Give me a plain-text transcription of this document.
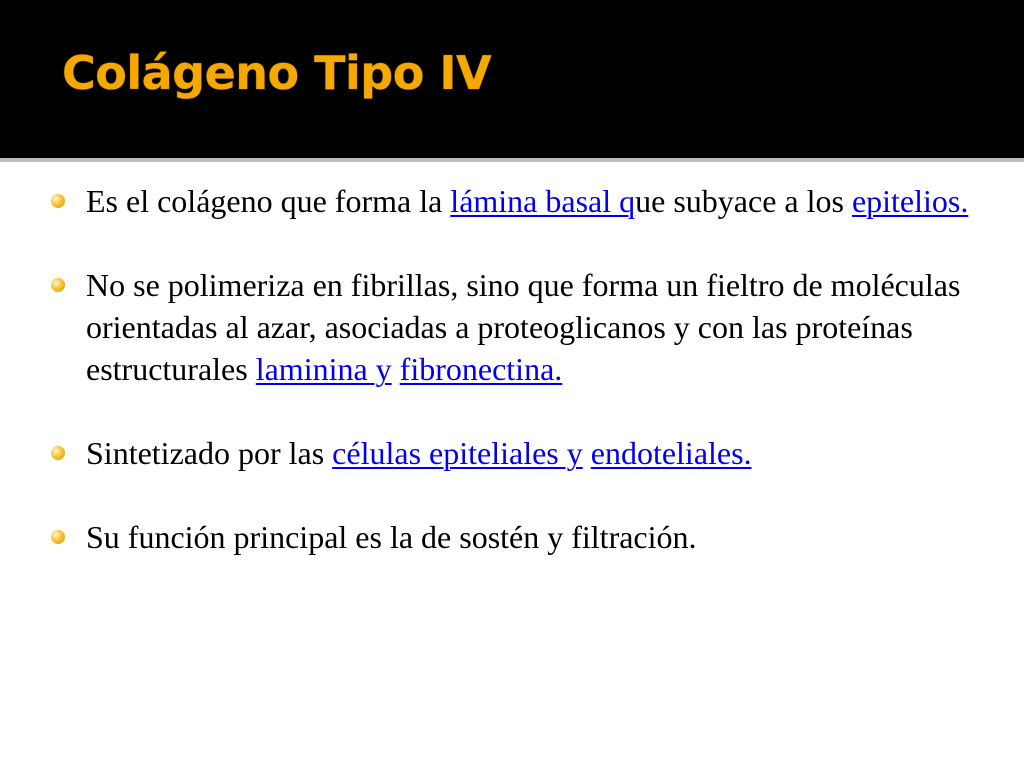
Colágeno Tipo IV
Es el colágeno que forma la lámina basal que subyace a los epitelios.
No se polimeriza en fibrillas, sino que forma un fieltro de moléculas orientadas al azar, asociadas a proteoglicanos y con las proteínas estructurales laminina y fibronectina.
Sintetizado por las células epiteliales y endoteliales.
Su función principal es la de sostén y filtración.
